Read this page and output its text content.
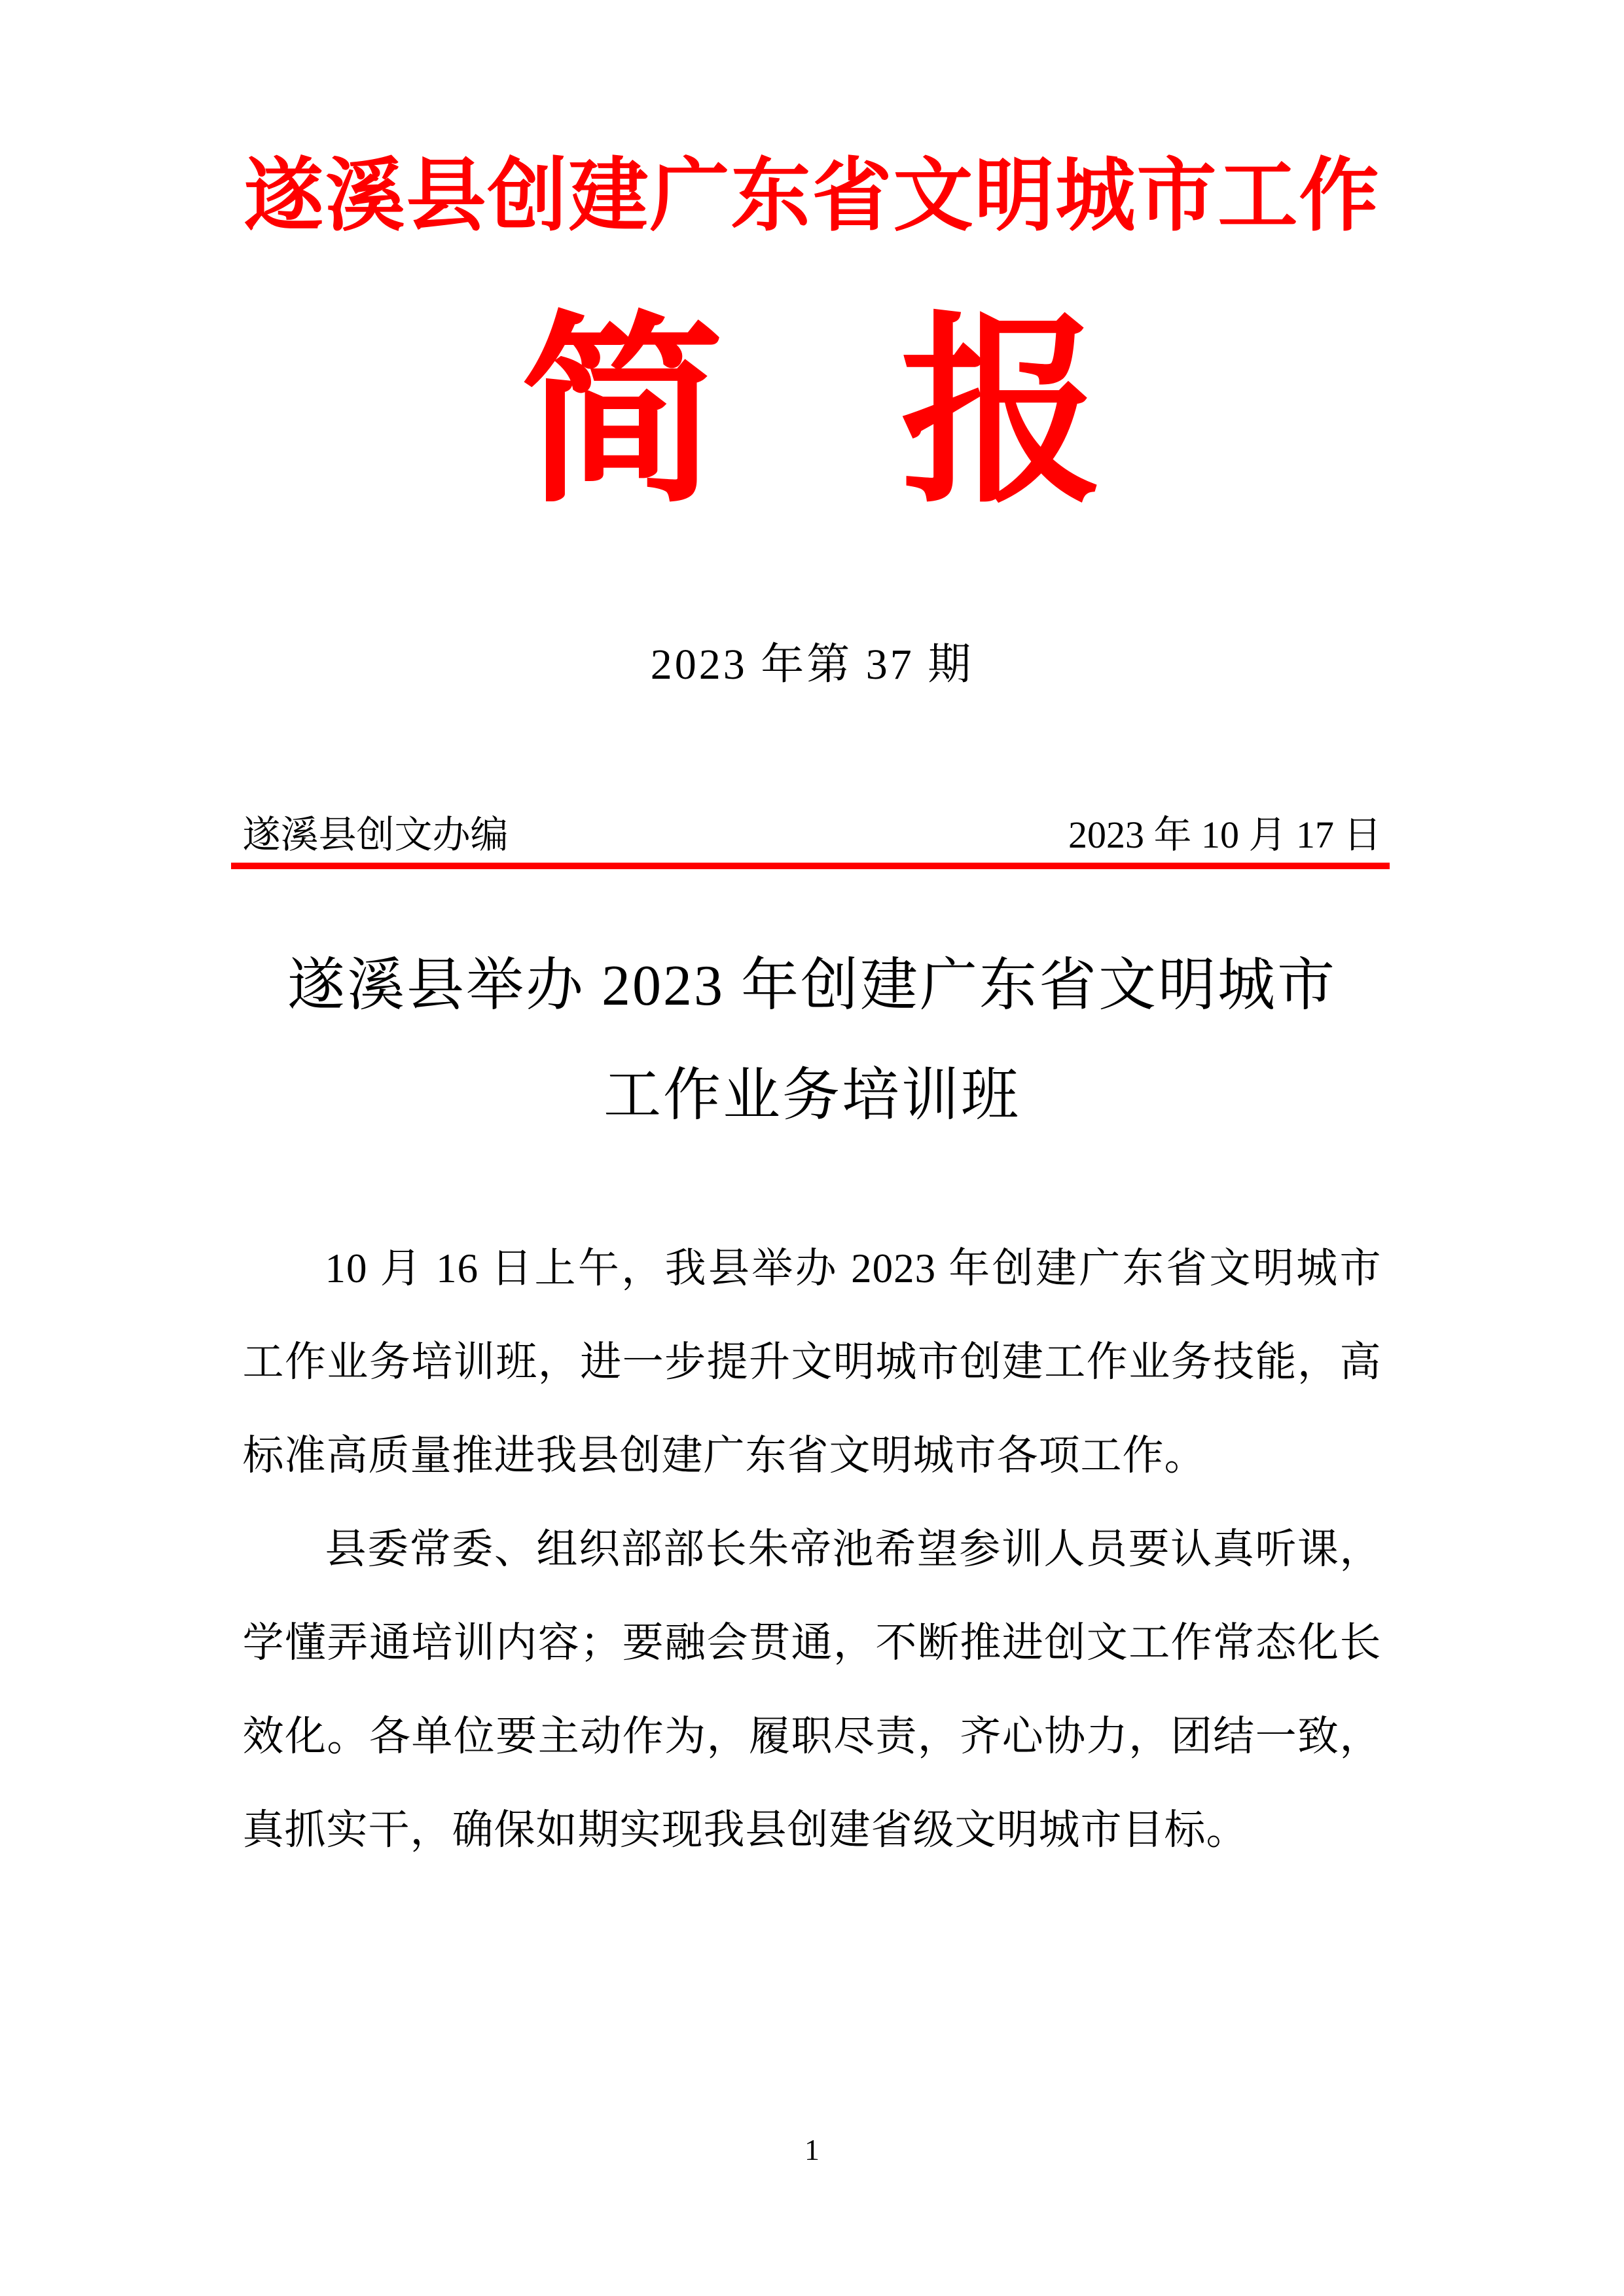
遂溪县创建广东省文明城市工作
简 报
2023 年第 37 期
遂溪县创文办编	2023 年 10 月 17 日
遂溪县举办 2023 年创建广东省文明城市
工作业务培训班

10 月 16 日上午，我县举办 2023 年创建广东省文明城市工作业务培训班，进一步提升文明城市创建工作业务技能，高标准高质量推进我县创建广东省文明城市各项工作。

县委常委、组织部部长朱帝池希望参训人员要认真听课，学懂弄通培训内容；要融会贯通，不断推进创文工作常态化长效化。各单位要主动作为，履职尽责，齐心协力，团结一致，真抓实干，确保如期实现我县创建省级文明城市目标。

1
